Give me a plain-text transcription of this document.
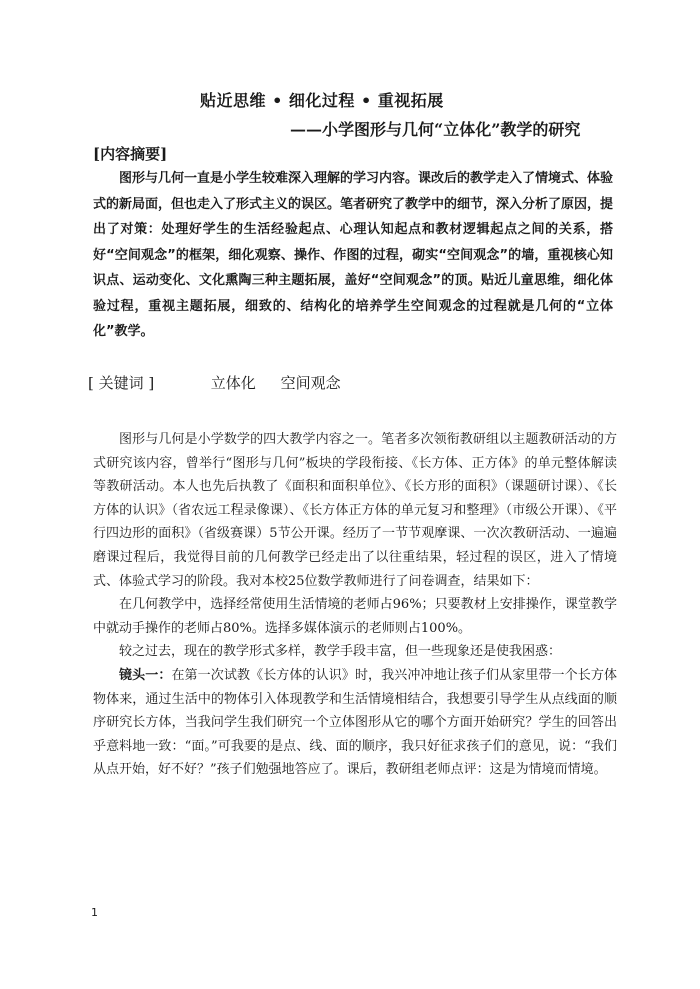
贴近思维 • 细化过程 • 重视拓展
——小学图形与几何“立体化”教学的研究
[内容摘要]

图形与几何一直是小学生较难深入理解的学习内容。课改后的教学走入了情境式、体验式的新局面，但也走入了形式主义的误区。笔者研究了教学中的细节，深入分析了原因，提出了对策：处理好学生的生活经验起点、心理认知起点和教材逻辑起点之间的关系，搭好“空间观念”的框架，细化观察、操作、作图的过程，砌实“空间观念”的墙，重视核心知识点、运动变化、文化熏陶三种主题拓展，盖好“空间观念”的顶。贴近儿童思维，细化体验过程，重视主题拓展，细致的、结构化的培养学生空间观念的过程就是几何的“立体化”教学。

[ 关键词 ]	立体化 空间观念

图形与几何是小学数学的四大教学内容之一。笔者多次领衔教研组以主题教研活动的方式研究该内容，曾举行“图形与几何”板块的学段衔接、《长方体、正方体》的单元整体解读等教研活动。本人也先后执教了《面积和面积单位》、《长方形的面积》（课题研讨课）、《长方体的认识》（省农远工程录像课）、《长方体正方体的单元复习和整理》（市级公开课）、《平行四边形的面积》（省级赛课）5节公开课。经历了一节节观摩课、一次次教研活动、一遍遍磨课过程后，我觉得目前的几何教学已经走出了以往重结果，轻过程的误区，进入了情境式、体验式学习的阶段。我对本校25位数学教师进行了问卷调查，结果如下：

在几何教学中，选择经常使用生活情境的老师占96%；只要教材上安排操作，课堂教学中就动手操作的老师占80%。选择多媒体演示的老师则占100%。

较之过去，现在的教学形式多样，教学手段丰富，但一些现象还是使我困惑：

镜头一：在第一次试教《长方体的认识》时，我兴冲冲地让孩子们从家里带一个长方体物体来，通过生活中的物体引入体现教学和生活情境相结合，我想要引导学生从点线面的顺序研究长方体，当我问学生我们研究一个立体图形从它的哪个方面开始研究？学生的回答出乎意料地一致：“面。”可我要的是点、线、面的顺序，我只好征求孩子们的意见，说：“我们从点开始，好不好？”孩子们勉强地答应了。课后，教研组老师点评：这是为情境而情境。

1
